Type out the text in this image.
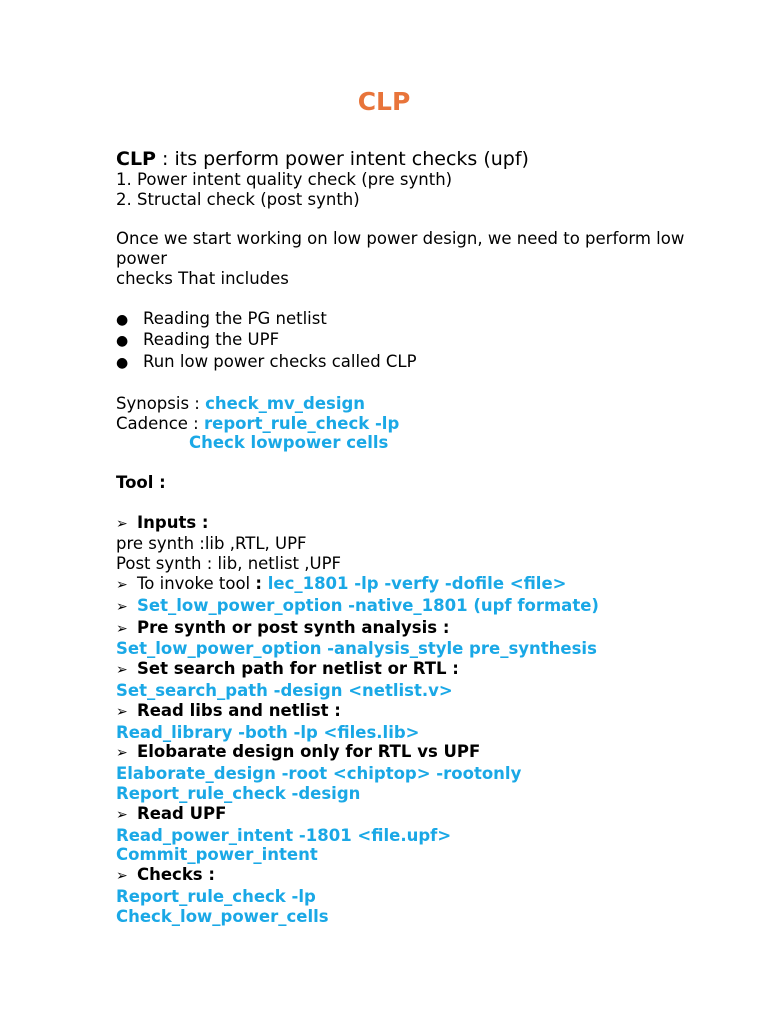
CLP
CLP : its perform power intent checks (upf)
1. Power intent quality check (pre synth)
2. Structal check (post synth)
Once we start working on low power design, we need to perform low power
checks That includes
● Reading the PG netlist
● Reading the UPF
● Run low power checks called CLP
Synopsis : check_mv_design
Cadence : report_rule_check -lp
Check lowpower cells
Tool :
➢ Inputs :
pre synth :lib ,RTL, UPF
Post synth : lib, netlist ,UPF
➢ To invoke tool : lec_1801 -lp -verfy -dofile <file>
➢ Set_low_power_option -native_1801 (upf formate)
➢ Pre synth or post synth analysis :
Set_low_power_option -analysis_style pre_synthesis
➢ Set search path for netlist or RTL :
Set_search_path -design <netlist.v>
➢ Read libs and netlist :
Read_library -both -lp <files.lib>
➢ Elobarate design only for RTL vs UPF
Elaborate_design -root <chiptop> -rootonly
Report_rule_check -design
➢ Read UPF
Read_power_intent -1801 <file.upf>
Commit_power_intent
➢ Checks :
Report_rule_check -lp
Check_low_power_cells
